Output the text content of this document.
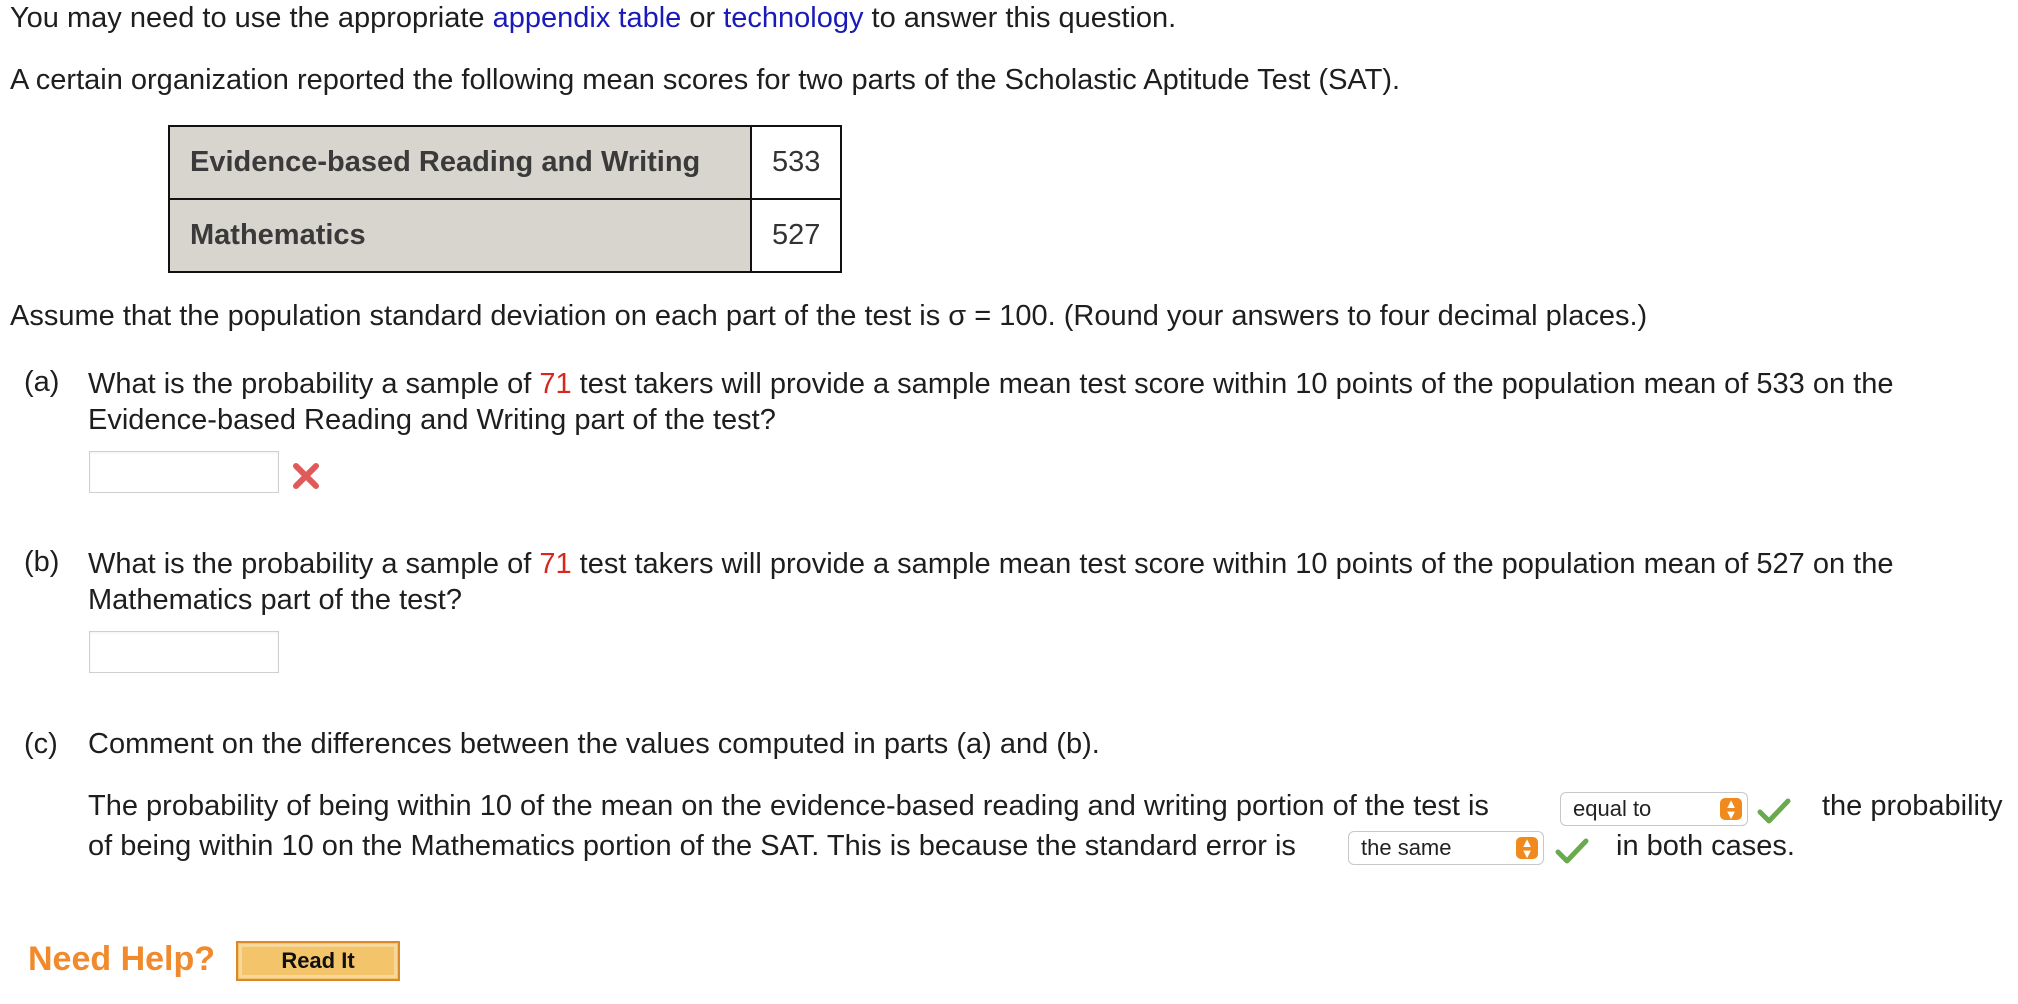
You may need to use the appropriate appendix table or technology to answer this question.
A certain organization reported the following mean scores for two parts of the Scholastic Aptitude Test (SAT).
Evidence-based Reading and Writing	533
Mathematics	527
Assume that the population standard deviation on each part of the test is σ = 100. (Round your answers to four decimal places.)
(a) What is the probability a sample of 71 test takers will provide a sample mean test score within 10 points of the population mean of 533 on the Evidence-based Reading and Writing part of the test?
(b) What is the probability a sample of 71 test takers will provide a sample mean test score within 10 points of the population mean of 527 on the Mathematics part of the test?
(c) Comment on the differences between the values computed in parts (a) and (b).
The probability of being within 10 of the mean on the evidence-based reading and writing portion of the test is	equal to	▲
▼	the probability
of being within 10 on the Mathematics portion of the SAT. This is because the standard error is	the same	▲
▼	in both cases.
Need Help?	Read It
